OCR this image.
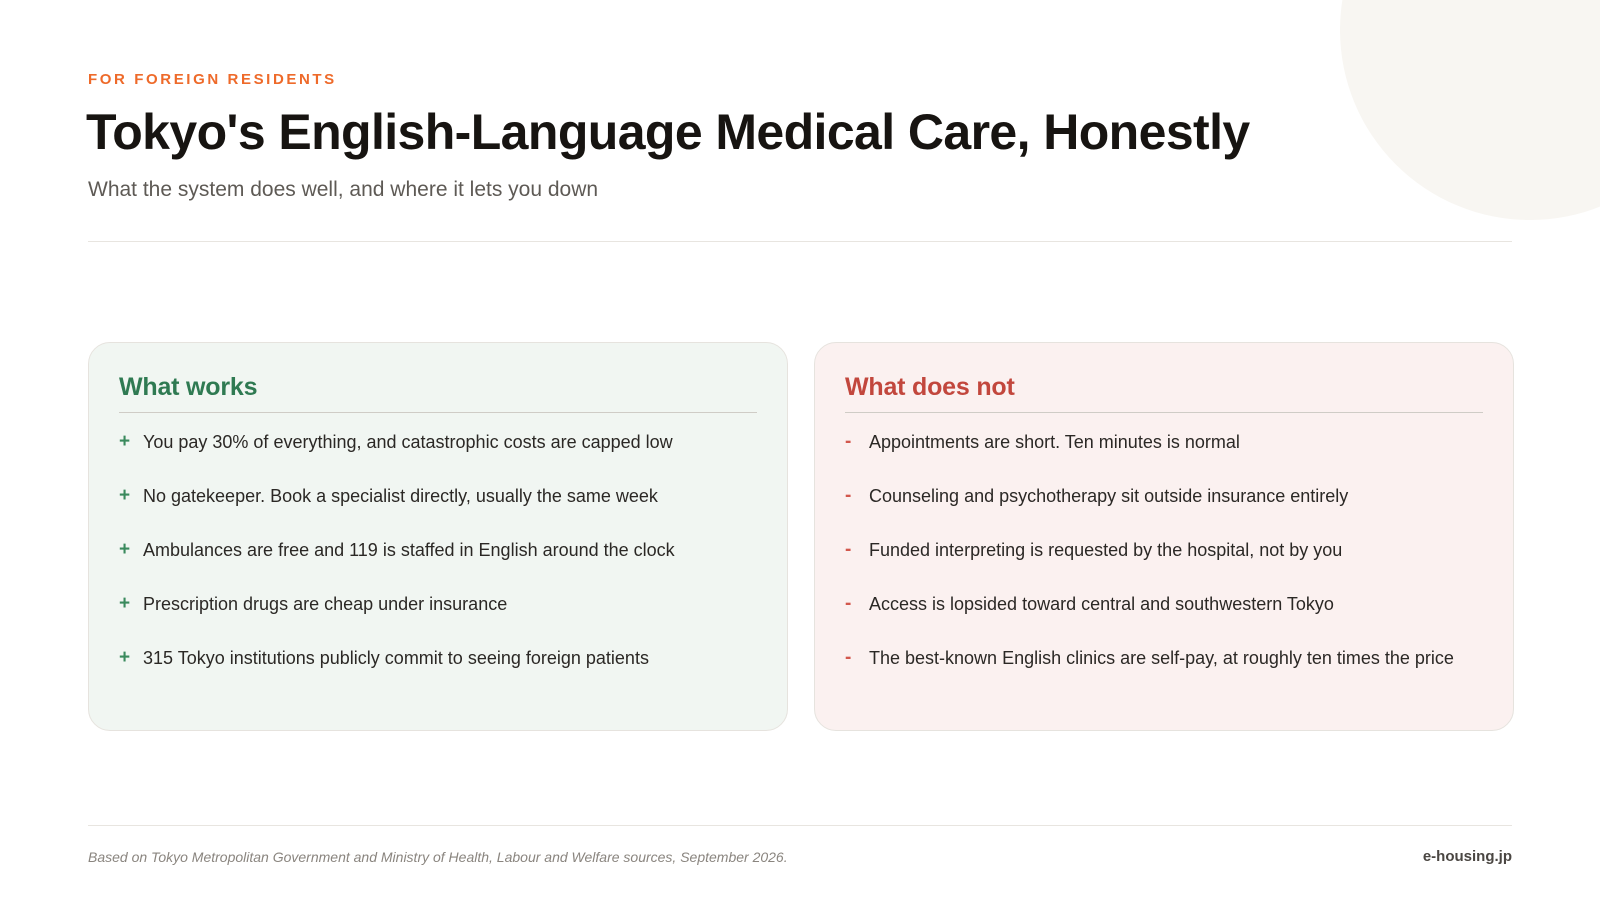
FOR FOREIGN RESIDENTS
Tokyo's English-Language Medical Care, Honestly
What the system does well, and where it lets you down
What works
+ You pay 30% of everything, and catastrophic costs are capped low
+ No gatekeeper. Book a specialist directly, usually the same week
+ Ambulances are free and 119 is staffed in English around the clock
+ Prescription drugs are cheap under insurance
+ 315 Tokyo institutions publicly commit to seeing foreign patients
What does not
- Appointments are short. Ten minutes is normal
- Counseling and psychotherapy sit outside insurance entirely
- Funded interpreting is requested by the hospital, not by you
- Access is lopsided toward central and southwestern Tokyo
- The best-known English clinics are self-pay, at roughly ten times the price
Based on Tokyo Metropolitan Government and Ministry of Health, Labour and Welfare sources, September 2026.	e-housing.jp
